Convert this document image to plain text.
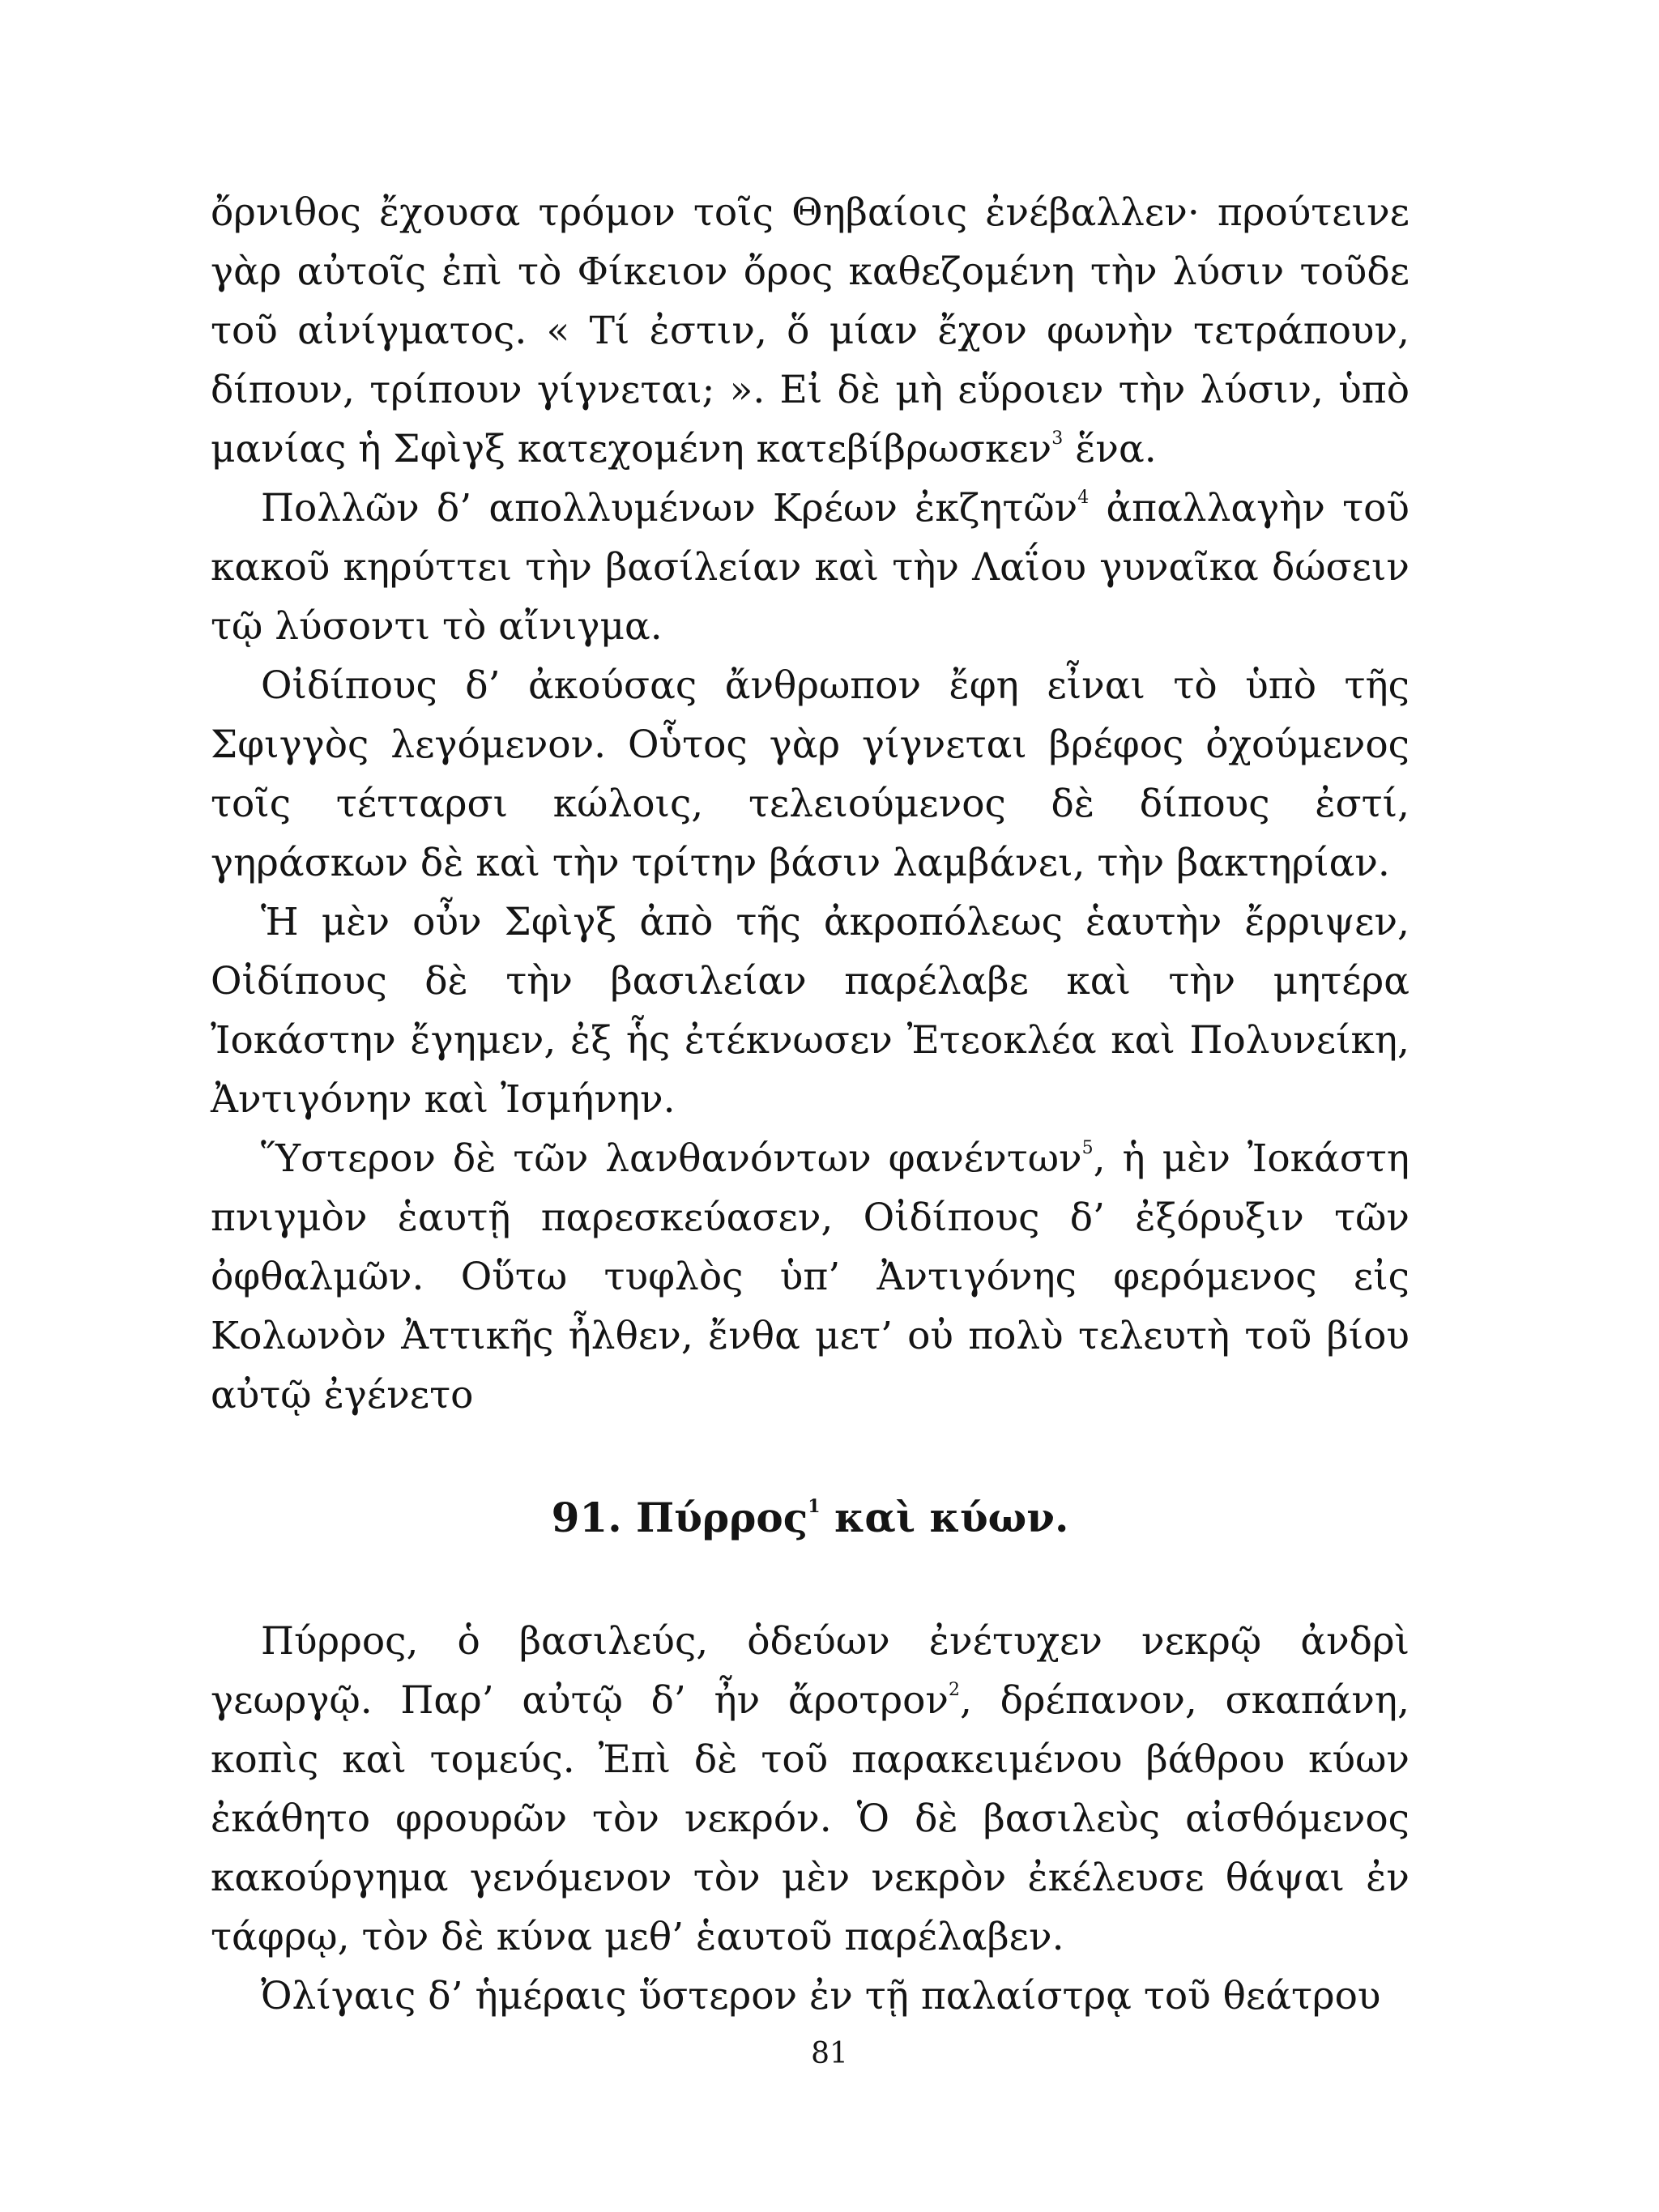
ὄρνιθος ἔχουσα τρόμον τοῖς Θηβαίοις ἐνέβαλλεν· προύτεινε γὰρ αὐτοῖς ἐπὶ τὸ Φίκειον ὄρος καθεζομένη τὴν λύσιν τοῦδε τοῦ αἰνίγματος. « Τί ἐστιν, ὅ μίαν ἔχον φωνὴν τετράπουν, δίπουν, τρίπουν γίγνεται; ». Εἰ δὲ μὴ εὕροιεν τὴν λύσιν, ὑπὸ μανίας ἡ Σφὶγξ κατεχομένη κατεβίβρωσκεν$^3$ ἕνα.

Πολλῶν δ’ απολλυμένων Κρέων ἐκζητῶν$^4$ ἀπαλλαγὴν τοῦ κακοῦ κηρύττει τὴν βασίλείαν καὶ τὴν Λαΐου γυναῖκα δώσειν τῷ λύσοντι τὸ αἴνιγμα.

Οἰδίπους δ’ ἀκούσας ἄνθρωπον ἔφη εἶναι τὸ ὑπὸ τῆς Σφιγγὸς λεγόμενον. Οὗτος γὰρ γίγνεται βρέφος ὀχούμενος τοῖς τέτταρσι κώλοις, τελειούμενος δὲ δίπους ἐστί, γηράσκων δὲ καὶ τὴν τρίτην βάσιν λαμβάνει, τὴν βακτηρίαν.

Ἡ μὲν οὖν Σφὶγξ ἀπὸ τῆς ἀκροπόλεως ἑαυτὴν ἔρριψεν, Οἰδίπους δὲ τὴν βασιλείαν παρέλαβε καὶ τὴν μητέρα Ἰοκάστην ἔγημεν, ἐξ ἧς ἐτέκνωσεν Ἐτεοκλέα καὶ Πολυνείκη, Ἀντιγόνην καὶ Ἰσμήνην.

Ὕστερον δὲ τῶν λανθανόντων φανέντων$^5$, ἡ μὲν Ἰοκάστη πνιγμὸν ἑαυτῇ παρεσκεύασεν, Οἰδίπους δ’ ἐξόρυξιν τῶν ὀφθαλμῶν. Οὕτω τυφλὸς ὑπ’ Ἀντιγόνης φερόμενος εἰς Κολωνὸν Ἀττικῆς ἦλθεν, ἔνθα μετ’ οὐ πολὺ τελευτὴ τοῦ βίου αὐτῷ ἐγένετο

91. Πύρρος$^1$ καὶ κύων.

Πύρρος, ὁ βασιλεύς, ὁδεύων ἐνέτυχεν νεκρῷ ἀνδρὶ γεωργῷ. Παρ’ αὐτῷ δ’ ἦν ἄροτρον$^2$, δρέπανον, σκαπάνη, κοπὶς καὶ τομεύς. Ἐπὶ δὲ τοῦ παρακειμένου βάθρου κύων ἐκάθητο φρουρῶν τὸν νεκρόν. Ὁ δὲ βασιλεὺς αἰσθόμενος κακούργημα γενόμενον τὸν μὲν νεκρὸν ἐκέλευσε θάψαι ἐν τάφρῳ, τὸν δὲ κύνα μεθ’ ἑαυτοῦ παρέλαβεν.

Ὀλίγαις δ’ ἡμέραις ὕστερον ἐν τῇ παλαίστρᾳ τοῦ θεάτρου

81
